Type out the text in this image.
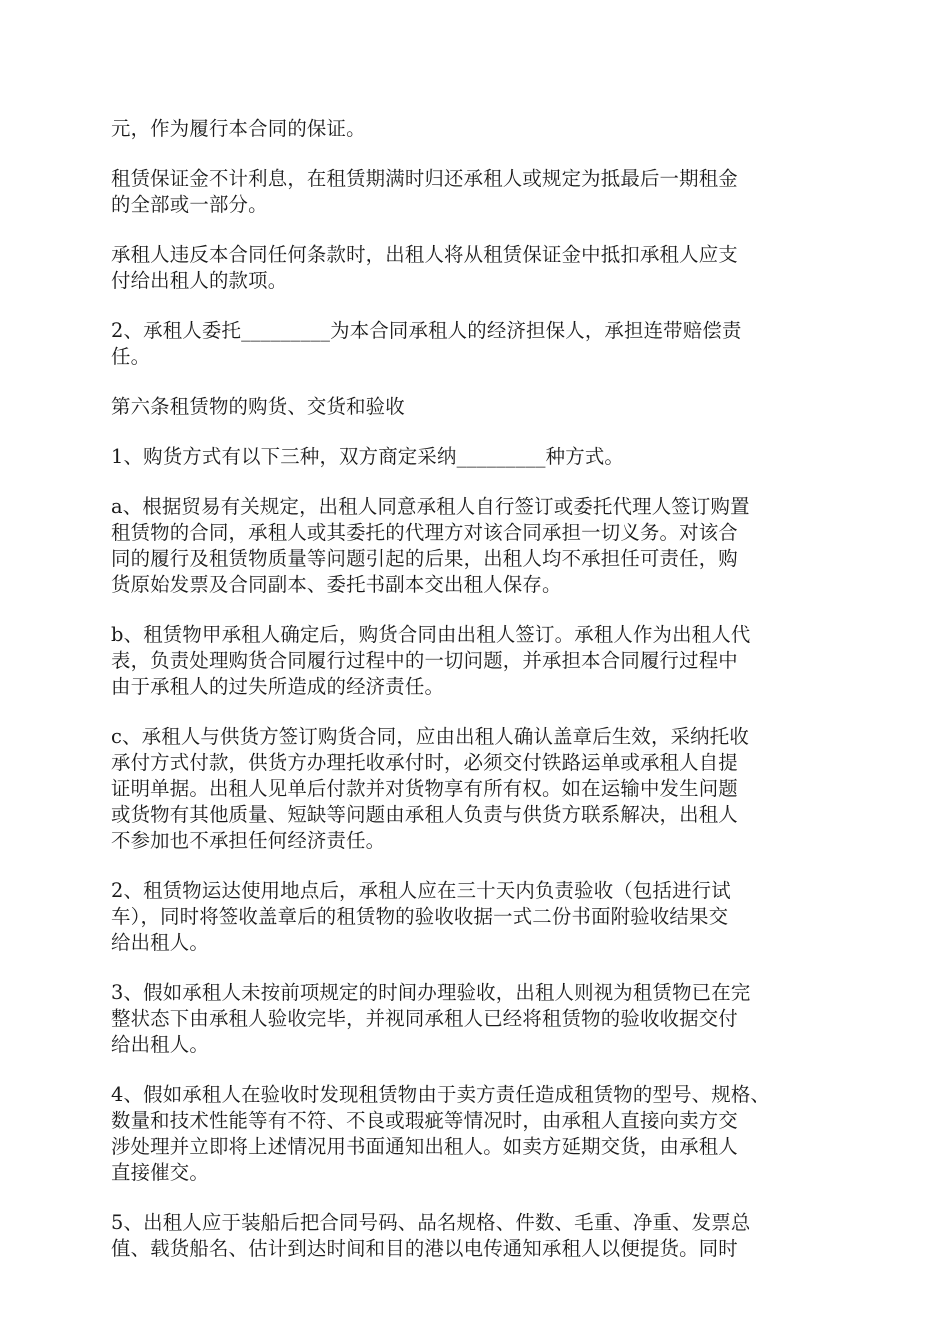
元，作为履行本合同的保证。

租赁保证金不计利息，在租赁期满时归还承租人或规定为抵最后一期租金
的全部或一部分。

承租人违反本合同任何条款时，出租人将从租赁保证金中抵扣承租人应支
付给出租人的款项。

2、承租人委托_________为本合同承租人的经济担保人，承担连带赔偿责
任。

第六条租赁物的购货、交货和验收

1、购货方式有以下三种，双方商定采纳_________种方式。

a、根据贸易有关规定，出租人同意承租人自行签订或委托代理人签订购置
租赁物的合同，承租人或其委托的代理方对该合同承担一切义务。对该合
同的履行及租赁物质量等问题引起的后果，出租人均不承担任可责任，购
货原始发票及合同副本、委托书副本交出租人保存。

b、租赁物甲承租人确定后，购货合同由出租人签订。承租人作为出租人代
表，负责处理购货合同履行过程中的一切问题，并承担本合同履行过程中
由于承租人的过失所造成的经济责任。

c、承租人与供货方签订购货合同，应由出租人确认盖章后生效，采纳托收
承付方式付款，供货方办理托收承付时，必须交付铁路运单或承租人自提
证明单据。出租人见单后付款并对货物享有所有权。如在运输中发生问题
或货物有其他质量、短缺等问题由承租人负责与供货方联系解决，出租人
不参加也不承担任何经济责任。

2、租赁物运达使用地点后，承租人应在三十天内负责验收（包括进行试
车），同时将签收盖章后的租赁物的验收收据一式二份书面附验收结果交
给出租人。

3、假如承租人未按前项规定的时间办理验收，出租人则视为租赁物已在完
整状态下由承租人验收完毕，并视同承租人已经将租赁物的验收收据交付
给出租人。

4、假如承租人在验收时发现租赁物由于卖方责任造成租赁物的型号、规格、
数量和技术性能等有不符、不良或瑕疵等情况时，由承租人直接向卖方交
涉处理并立即将上述情况用书面通知出租人。如卖方延期交货，由承租人
直接催交。

5、出租人应于装船后把合同号码、品名规格、件数、毛重、净重、发票总
值、载货船名、估计到达时间和目的港以电传通知承租人以便提货。同时
